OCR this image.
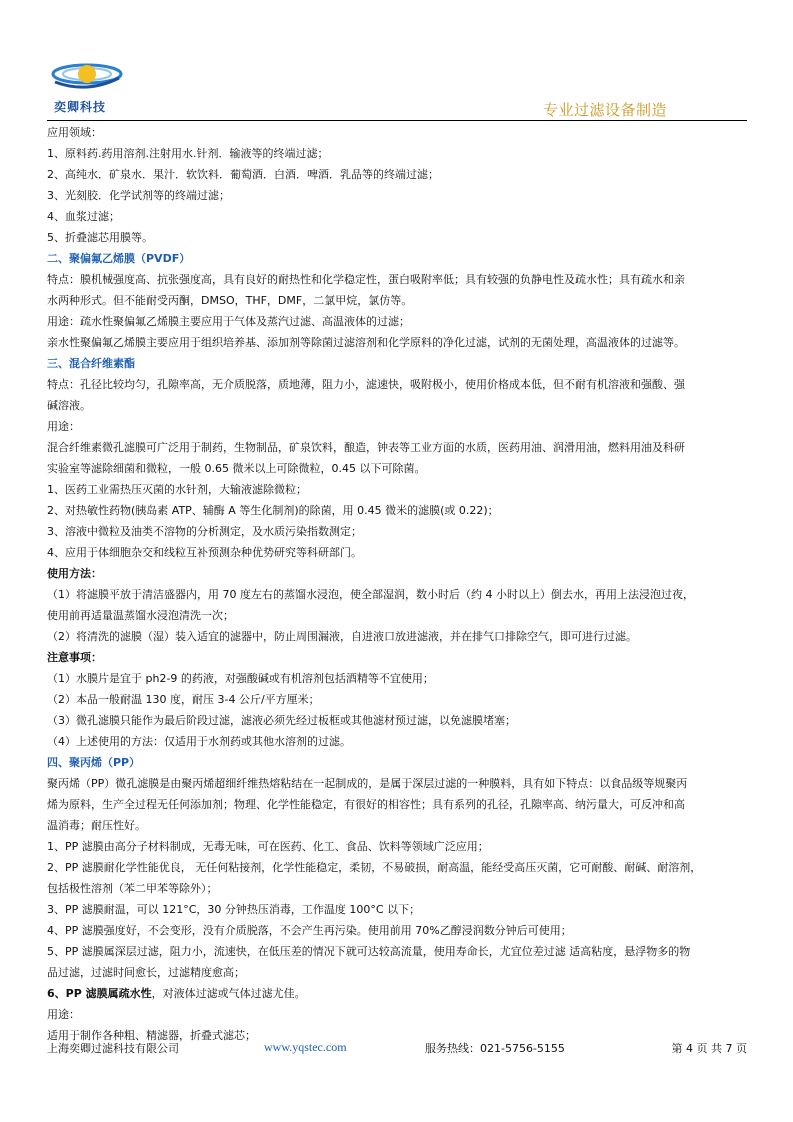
奕卿科技	专业过滤设备制造
应用领域：
1、原料药.药用溶剂.注射用水.针剂．输液等的终端过滤；
2、高纯水．矿泉水．果汁．软饮料．葡萄酒．白酒．啤酒．乳品等的终端过滤；
3、光刻胶．化学试剂等的终端过滤；
4、血浆过滤；
5、折叠滤芯用膜等。
二、聚偏氟乙烯膜（PVDF）
特点：膜机械强度高、抗张强度高，具有良好的耐热性和化学稳定性，蛋白吸附率低；具有较强的负静电性及疏水性；具有疏水和亲
水两种形式。但不能耐受丙酮，DMSO，THF，DMF，二氯甲烷，氯仿等。
用途：疏水性聚偏氟乙烯膜主要应用于气体及蒸汽过滤、高温液体的过滤；
亲水性聚偏氟乙烯膜主要应用于组织培养基、添加剂等除菌过滤溶剂和化学原料的净化过滤，试剂的无菌处理，高温液体的过滤等。
三、混合纤维素酯
特点：孔径比较均匀，孔隙率高，无介质脱落，质地薄，阻力小，滤速快，吸附极小，使用价格成本低，但不耐有机溶液和强酸、强
碱溶液。
用途：
混合纤维素微孔滤膜可广泛用于制药，生物制品，矿泉饮料，酿造，钟表等工业方面的水质，医药用油、润滑用油，燃料用油及科研
实验室等滤除细菌和微粒，一般 0.65 微米以上可除微粒，0.45 以下可除菌。
1、医药工业需热压灭菌的水针剂，大输液滤除微粒；
2、对热敏性药物(胰岛素 ATP、辅酶 A 等生化制剂)的除菌，用 0.45 微米的滤膜(或 0.22)；
3、溶液中微粒及油类不溶物的分析测定，及水质污染指数测定；
4、应用于体细胞杂交和线粒互补预测杂种优势研究等科研部门。
使用方法：
（1）将滤膜平放于清洁盛器内，用 70 度左右的蒸馏水浸泡，使全部湿润，数小时后（约 4 小时以上）倒去水，再用上法浸泡过夜，
使用前再适量温蒸馏水浸泡清洗一次；
（2）将清洗的滤膜（湿）装入适宜的滤器中，防止周围漏液，自进液口放进滤液，并在排气口排除空气，即可进行过滤。
注意事项：
（1）水膜片是宜于 ph2-9 的药液，对强酸碱或有机溶剂包括酒精等不宜使用；
（2）本品一般耐温 130 度，耐压 3-4 公斤/平方厘米；
（3）微孔滤膜只能作为最后阶段过滤，滤液必须先经过板框或其他滤材预过滤，以免滤膜堵塞；
（4）上述使用的方法：仅适用于水剂药或其他水溶剂的过滤。
四、聚丙烯（PP）
聚丙烯（PP）微孔滤膜是由聚丙烯超细纤维热熔粘结在一起制成的，是属于深层过滤的一种膜料，具有如下特点：以食品级等规聚丙
烯为原料，生产全过程无任何添加剂；物理、化学性能稳定，有很好的相容性；具有系列的孔径，孔隙率高、纳污量大，可反冲和高
温消毒；耐压性好。
1、PP 滤膜由高分子材料制成，无毒无味，可在医药、化工、食品、饮料等领域广泛应用；
2、PP 滤膜耐化学性能优良， 无任何粘接剂，化学性能稳定，柔韧，不易破损，耐高温，能经受高压灭菌，它可耐酸、耐碱、耐溶剂，
包括极性溶剂（苯二甲苯等除外）；
3、PP 滤膜耐温，可以 121°C，30 分钟热压消毒，工作温度 100°C 以下；
4、PP 滤膜强度好，不会变形，没有介质脱落，不会产生再污染。使用前用 70%乙醇浸润数分钟后可使用；
5、PP 滤膜属深层过滤，阻力小，流速快，在低压差的情况下就可达较高流量，使用寿命长，尤宜位差过滤 适高粘度，悬浮物多的物
品过滤，过滤时间愈长，过滤精度愈高；
6、PP 滤膜属疏水性，对液体过滤或气体过滤尤佳。
用途：
适用于制作各种粗、精滤器，折叠式滤芯；
上海奕卿过滤科技有限公司	www.yqstec.com	服务热线：021-5756-5155	第 4 页 共 7 页
